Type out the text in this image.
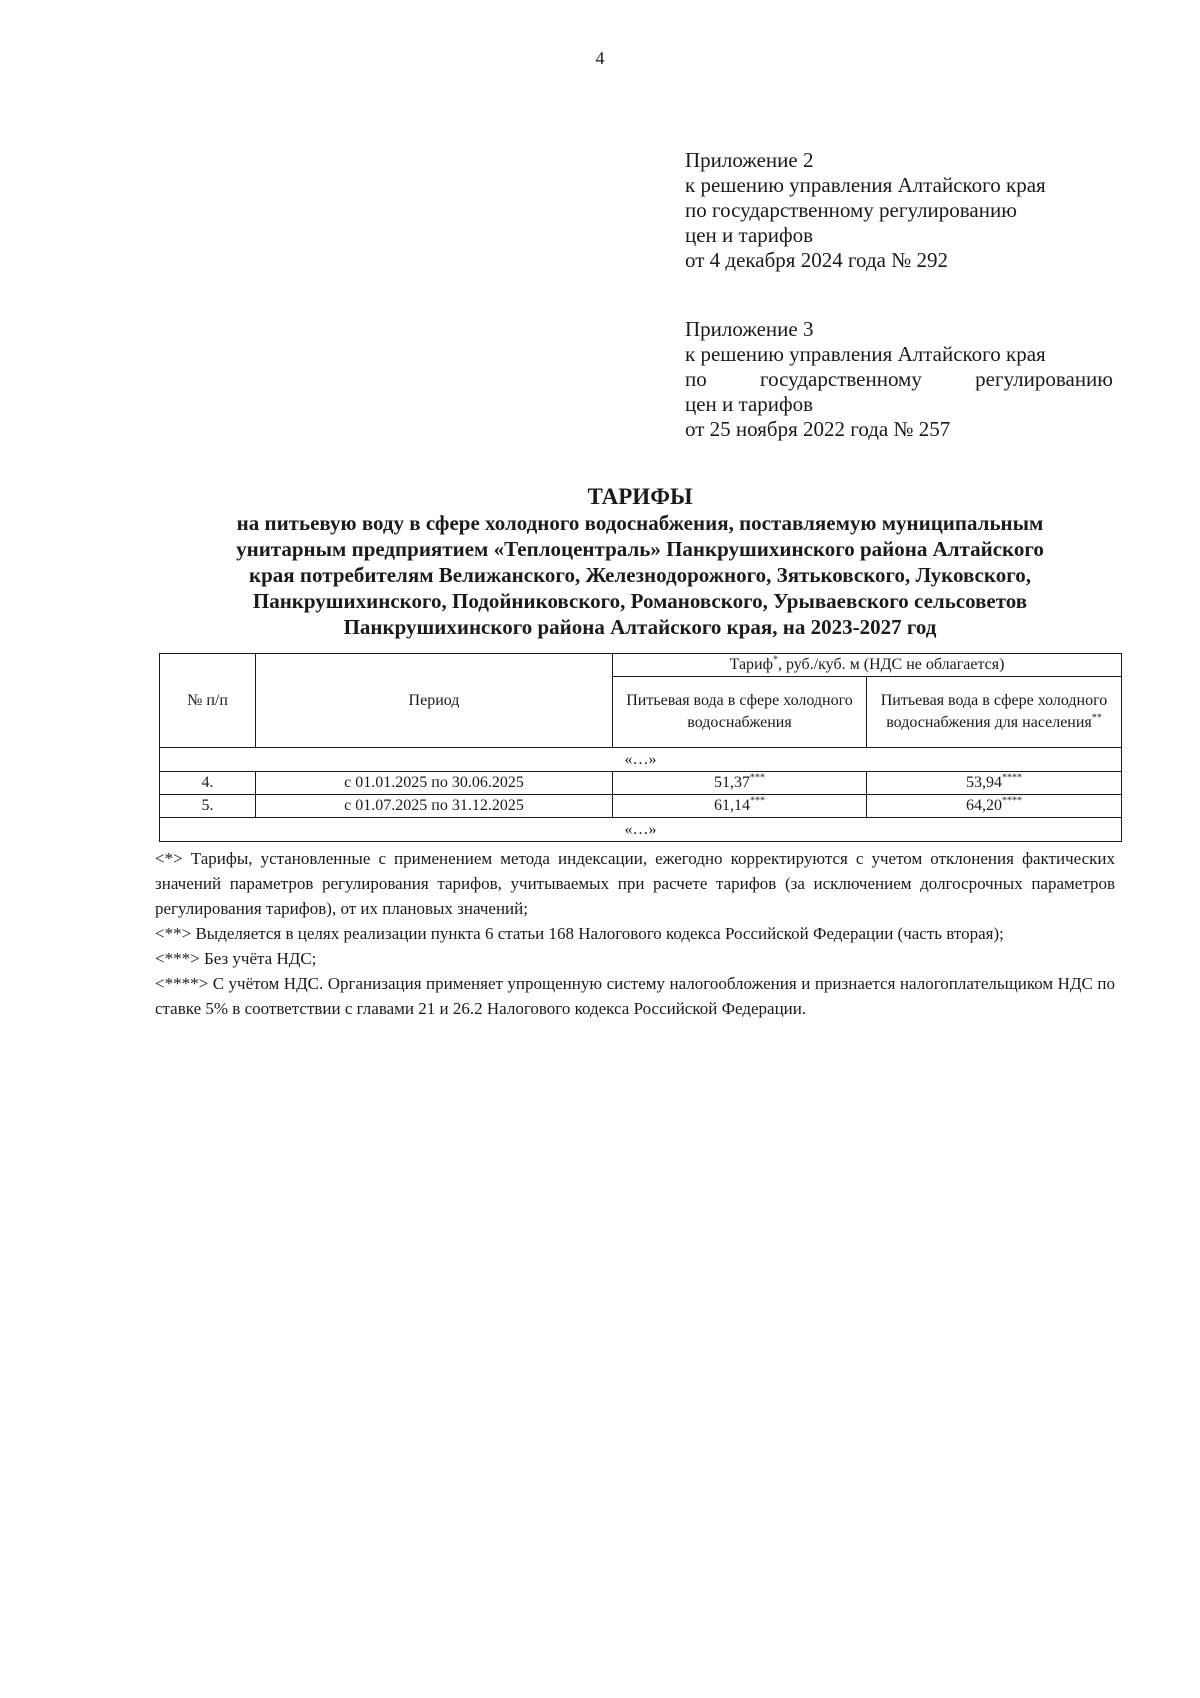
4
Приложение 2
к решению управления Алтайского края
по государственному регулированию
цен и тарифов
от 4 декабря 2024 года № 292
Приложение 3
к решению управления Алтайского края
по государственному регулированию
цен и тарифов
от 25 ноября 2022 года № 257
ТАРИФЫ
на питьевую воду в сфере холодного водоснабжения, поставляемую муниципальным
унитарным предприятием «Теплоцентраль» Панкрушихинского района Алтайского
края потребителям Велижанского, Железнодорожного, Зятьковского, Луковского,
Панкрушихинского, Подойниковского, Романовского, Урываевского сельсоветов
Панкрушихинского района Алтайского края, на 2023-2027 год
№ п/п	Период	Тариф*, руб./куб. м (НДС не облагается)	
		Питьевая вода в сфере холодного водоснабжения	Питьевая вода в сфере холодного водоснабжения для населения**
«…»			
4.	с 01.01.2025 по 30.06.2025	51,37***	53,94****
5.	с 01.07.2025 по 31.12.2025	61,14***	64,20****
«…»			

<*> Тарифы, установленные с применением метода индексации, ежегодно корректируются с учетом отклонения фактических значений параметров регулирования тарифов, учитываемых при расчете тарифов (за исключением долгосрочных параметров регулирования тарифов), от их плановых значений;

<**> Выделяется в целях реализации пункта 6 статьи 168 Налогового кодекса Российской Федерации (часть вторая);

<***> Без учёта НДС;

<****> С учётом НДС. Организация применяет упрощенную систему налогообложения и признается налогоплательщиком НДС по ставке 5% в соответствии с главами 21 и 26.2 Налогового кодекса Российской Федерации.
